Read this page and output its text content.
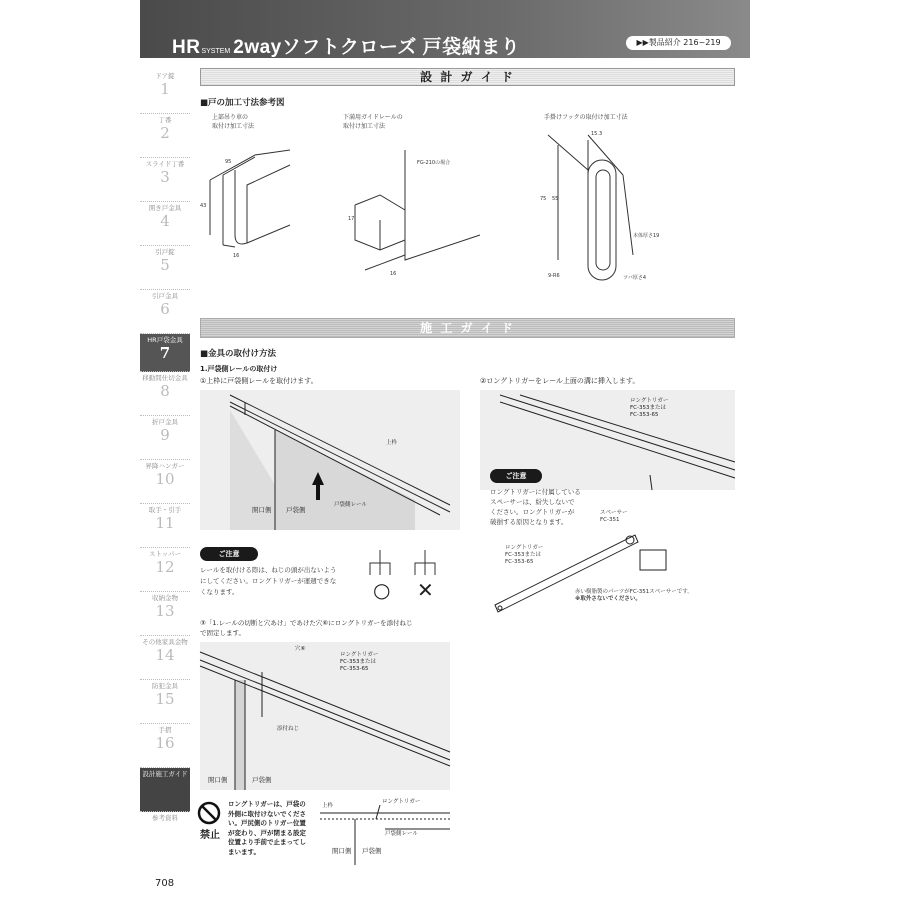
HRSYSTEM 2wayソフトクローズ 戸袋納まり	▶▶製品紹介 216~219
ドア錠
1
丁番
2
スライド丁番
3
開き戸金具
4
引戸錠
5
引戸金具
6
HR戸袋金具
7
移動間仕切金具
8
折戸金具
9
昇降ハンガー
10
取手・引手
11
ストッパー
12
収納金物
13
その他家具金物
14
防犯金具
15
手摺
16
設計施工ガイド
参考資料
設 計 ガ イ ド
■戸の加工寸法参考図
上部吊り車の
取付け加工寸法
95
43
16
下満用ガイドレールの
取付け加工寸法
FG-210の場合
17
16
手掛けフックの取付け加工寸法
15.3
75 55
9-R6
本体厚さ19
ツバ厚さ4
施 工 ガ イ ド
■金具の取付け方法
1.戸袋側レールの取付け
①上枠に戸袋側レールを取付けます。
上枠
戸袋側レール
開口側 戸袋側
ご注意
レールを取付ける際は、ねじの頭が出ないよう
にしてください。ロングトリガーが運週できな
くなります。	○ ✕
②ロングトリガーをレール上面の溝に挿入します。
ロングトリガー
FC-353または
FC-353-65
ご注意
ロングトリガーに付属している
スペーサーは、紛失しないで
ください。ロングトリガーが
破損する原因となります。
スペーサー
FC-351
ロングトリガー
FC-353または
FC-353-65
赤い樹脂製のパーツがFC-351スペーサーです。
※取外さないでください。
③「1.レールの切断と穴あけ」であけた穴⑥にロングトリガーを添付ねじ
で固定します。
穴⑥
ロングトリガー
FC-353または
FC-353-65
添付ねじ
開口側	戸袋側
禁止
ロングトリガーは、戸袋の
外側に取付けないでくださ
い。戸尻側のトリガー位置
が変わり、戸が閉まる設定
位置より手前で止まってし
まいます。
上枠
ロングトリガー
戸袋側レール
開口側 戸袋側
708
